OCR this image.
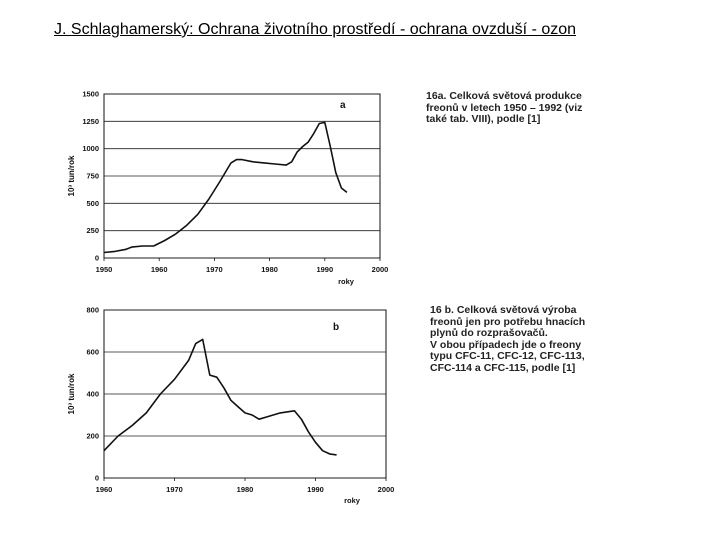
J. Schlaghamerský: Ochrana životního prostředí - ochrana ovzduší - ozon
0
250
500
750
1000
1250
1500
1950	1960	1970	1980	1990	2000
roky
10³ tun/rok
a
0
200
400
600
800
1960	1970	1980	1990	2000
roky
10³ tun/rok
b
16a. Celková světová produkce
freonů v letech 1950 – 1992 (viz
také tab. VIII), podle [1]
16 b. Celková světová výroba
freonů jen pro potřebu hnacích
plynů do rozprašovačů.
V obou případech jde o freony
typu CFC-11, CFC-12, CFC-113,
CFC-114 a CFC-115, podle [1]
